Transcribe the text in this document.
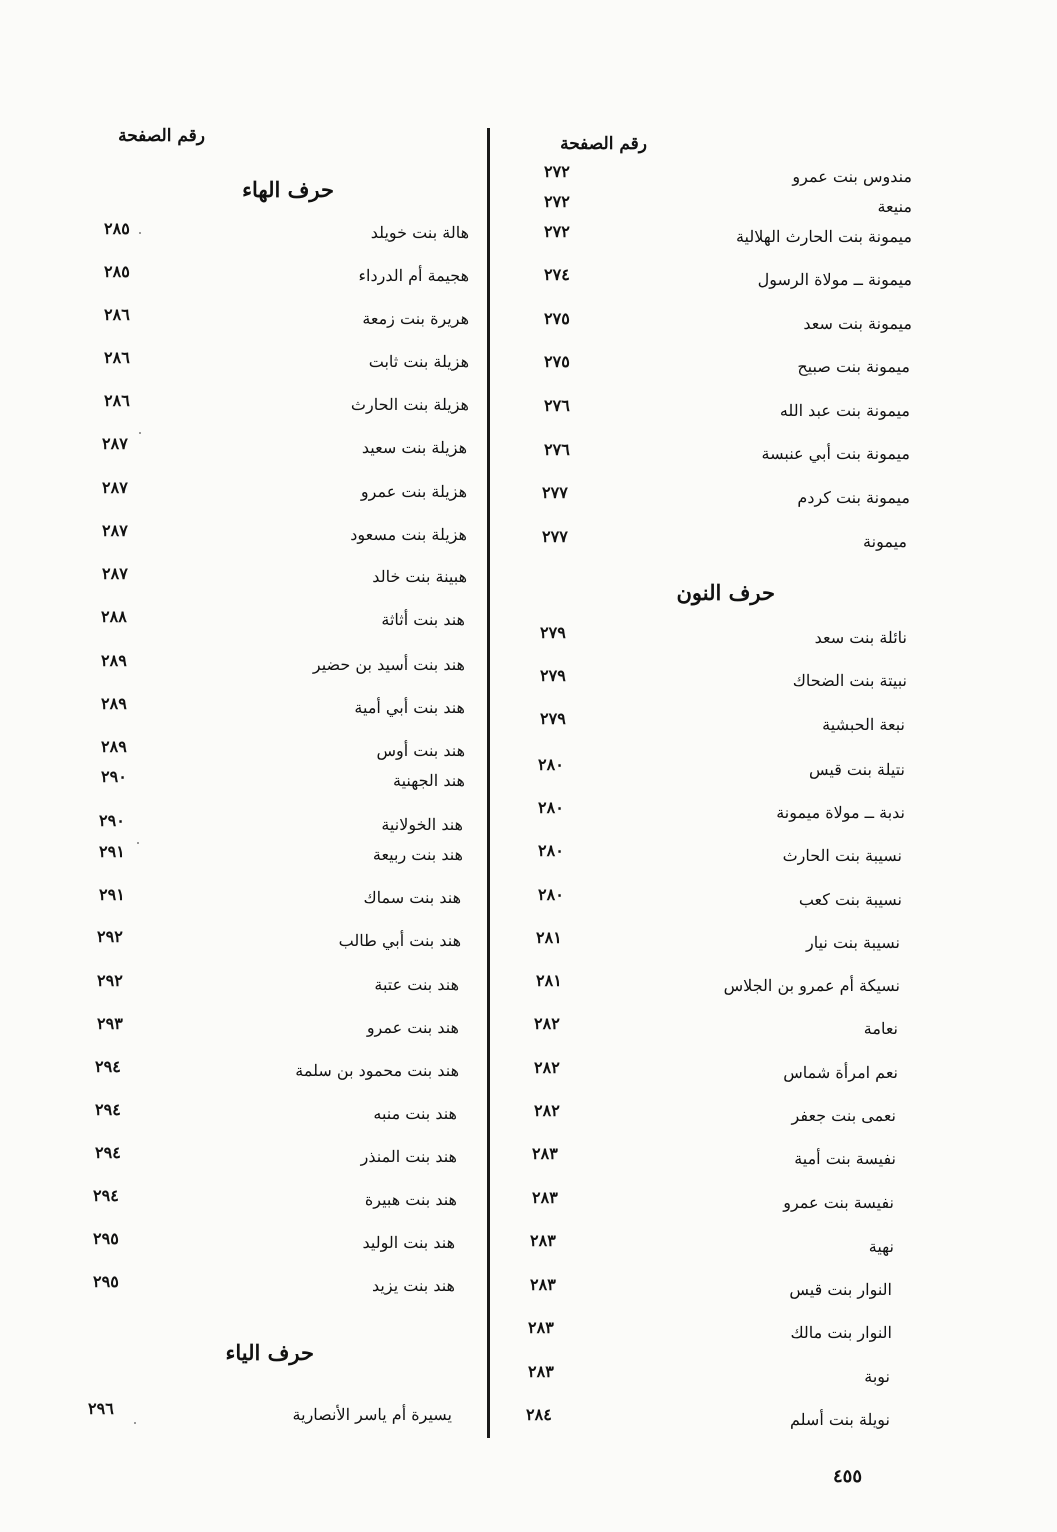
رقم الصفحة	رقم الصفحة
حرف الهاء
هالة بنت خويلد
٢٨٥
هجيمة أم الدرداء
٢٨٥
هريرة بنت زمعة
٢٨٦
هزيلة بنت ثابت
٢٨٦
هزيلة بنت الحارث
٢٨٦
هزيلة بنت سعيد
٢٨٧
هزيلة بنت عمرو
٢٨٧
هزيلة بنت مسعود
٢٨٧
هبينة بنت خالد
٢٨٧
هند بنت أثاثة
٢٨٨
هند بنت أسيد بن حضير
٢٨٩
هند بنت أبي أمية
٢٨٩
هند بنت أوس
٢٨٩
هند الجهنية
٢٩٠
هند الخولانية
٢٩٠
هند بنت ربيعة
٢٩١
هند بنت سماك
٢٩١
هند بنت أبي طالب
٢٩٢
هند بنت عتبة
٢٩٢
هند بنت عمرو
٢٩٣
هند بنت محمود بن سلمة
٢٩٤
هند بنت منبه
٢٩٤
هند بنت المنذر
٢٩٤
هند بنت هبيرة
٢٩٤
هند بنت الوليد
٢٩٥
هند بنت يزيد
٢٩٥
حرف الياء
يسيرة أم ياسر الأنصارية
٢٩٦
مندوس بنت عمرو
٢٧٢
منيعة
٢٧٢
ميمونة بنت الحارث الهلالية
٢٧٢
ميمونة ــ مولاة الرسول
٢٧٤
ميمونة بنت سعد
٢٧٥
ميمونة بنت صبيح
٢٧٥
ميمونة بنت عبد الله
٢٧٦
ميمونة بنت أبي عنبسة
٢٧٦
ميمونة بنت كردم
٢٧٧
ميمونة
٢٧٧
حرف النون
نائلة بنت سعد
٢٧٩
نبيتة بنت الضحاك
٢٧٩
نبعة الحبشية
٢٧٩
نتيلة بنت قيس
٢٨٠
ندبة ــ مولاة ميمونة
٢٨٠
نسيبة بنت الحارث
٢٨٠
نسيبة بنت كعب
٢٨٠
نسيبة بنت نيار
٢٨١
نسيكة أم عمرو بن الجلاس
٢٨١
نعامة
٢٨٢
نعم امرأة شماس
٢٨٢
نعمى بنت جعفر
٢٨٢
نفيسة بنت أمية
٢٨٣
نفيسة بنت عمرو
٢٨٣
نهية
٢٨٣
النوار بنت قيس
٢٨٣
النوار بنت مالك
٢٨٣
نوبة
٢٨٣
نويلة بنت أسلم
٢٨٤
٤٥٥
